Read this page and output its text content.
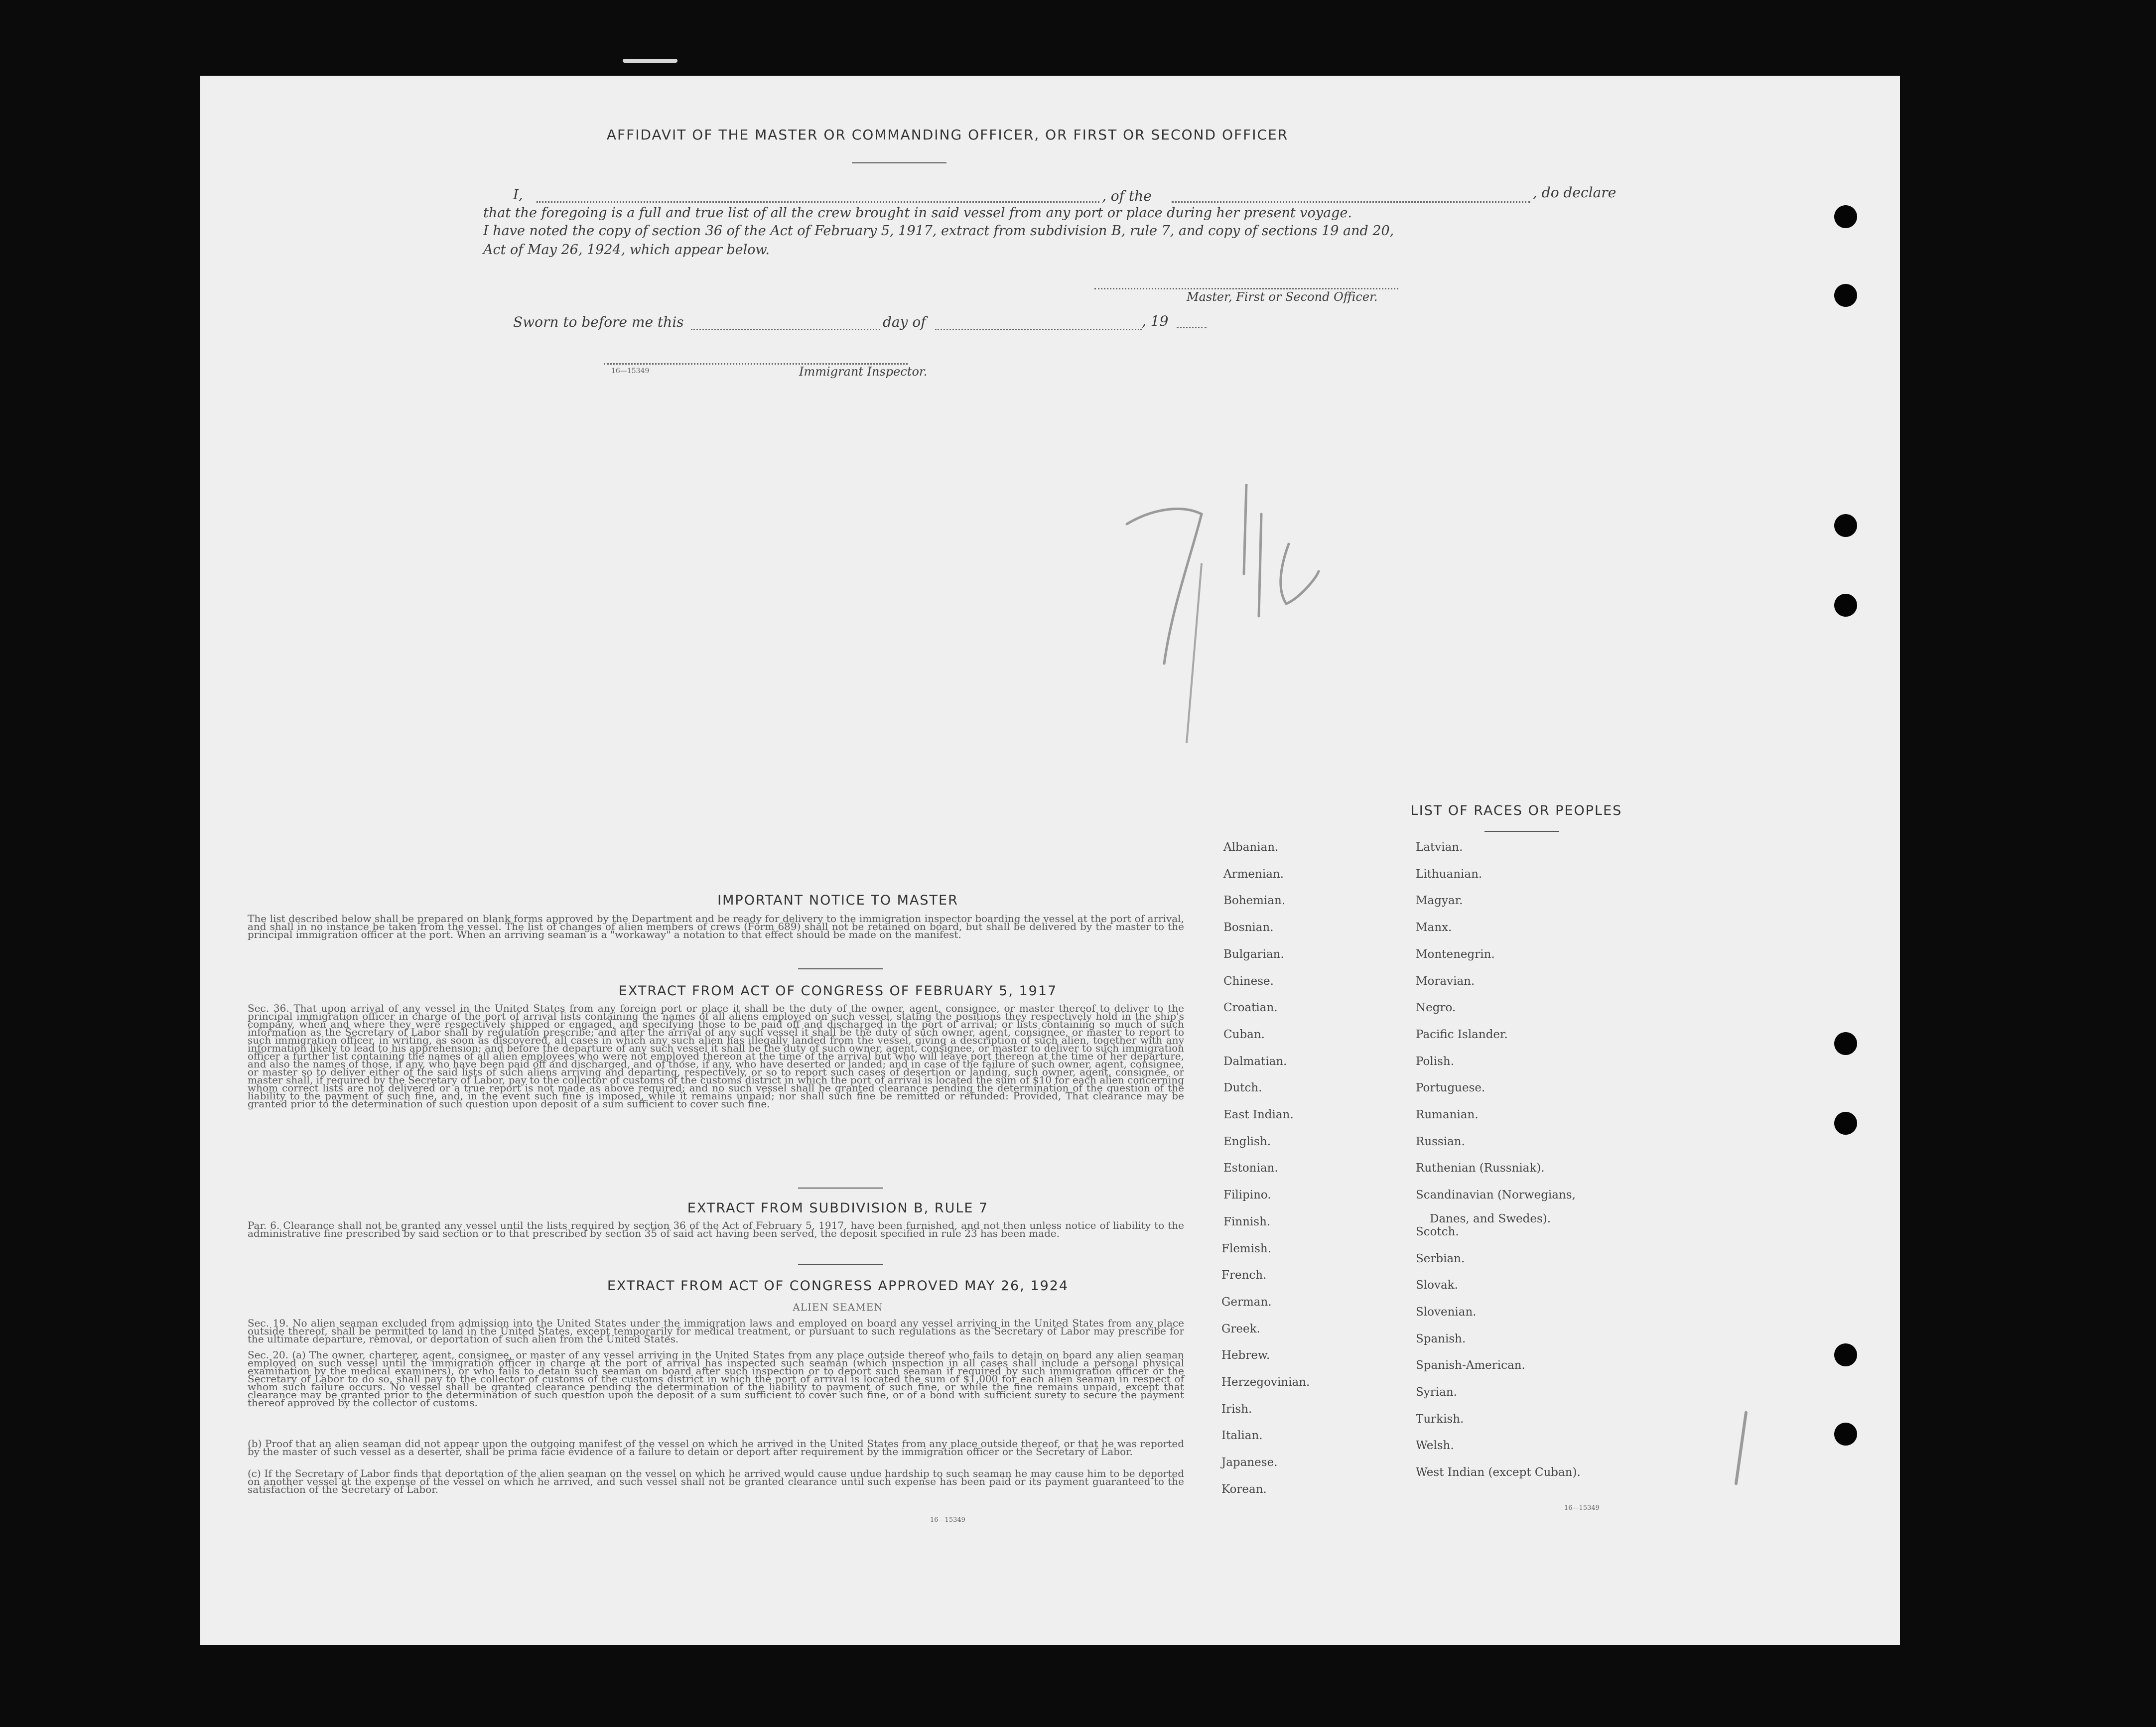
AFFIDAVIT OF THE MASTER OR COMMANDING OFFICER, OR FIRST OR SECOND OFFICER
I,	, of the	, do declare
that the foregoing is a full and true list of all the crew brought in said vessel from any port or place during her present voyage.
I have noted the copy of section 36 of the Act of February 5, 1917, extract from subdivision B, rule 7, and copy of sections 19 and 20,
Act of May 26, 1924, which appear below.
Master, First or Second Officer.
Sworn to before me this	day of	, 19
16—15349	Immigrant Inspector.
IMPORTANT NOTICE TO MASTER
The list described below shall be prepared on blank forms approved by the Department and be ready for delivery to the immigration inspector boarding the vessel at the port of arrival, and shall in no instance be taken from the vessel. The list of changes of alien members of crews (Form 689) shall not be retained on board, but shall be delivered by the master to the principal immigration officer at the port. When an arriving seaman is a "workaway" a notation to that effect should be made on the manifest.
EXTRACT FROM ACT OF CONGRESS OF FEBRUARY 5, 1917
Sec. 36. That upon arrival of any vessel in the United States from any foreign port or place it shall be the duty of the owner, agent, consignee, or master thereof to deliver to the principal immigration officer in charge of the port of arrival lists containing the names of all aliens employed on such vessel, stating the positions they respectively hold in the ship's company, when and where they were respectively shipped or engaged, and specifying those to be paid off and discharged in the port of arrival; or lists containing so much of such information as the Secretary of Labor shall by regulation prescribe; and after the arrival of any such vessel it shall be the duty of such owner, agent, consignee, or master to report to such immigration officer, in writing, as soon as discovered, all cases in which any such alien has illegally landed from the vessel, giving a description of such alien, together with any information likely to lead to his apprehension; and before the departure of any such vessel it shall be the duty of such owner, agent, consignee, or master to deliver to such immigration officer a further list containing the names of all alien employees who were not employed thereon at the time of the arrival but who will leave port thereon at the time of her departure, and also the names of those, if any, who have been paid off and discharged, and of those, if any, who have deserted or landed; and in case of the failure of such owner, agent, consignee, or master so to deliver either of the said lists of such aliens arriving and departing, respectively, or so to report such cases of desertion or landing, such owner, agent, consignee, or master shall, if required by the Secretary of Labor, pay to the collector of customs of the customs district in which the port of arrival is located the sum of $10 for each alien concerning whom correct lists are not delivered or a true report is not made as above required; and no such vessel shall be granted clearance pending the determination of the question of the liability to the payment of such fine, and, in the event such fine is imposed, while it remains unpaid; nor shall such fine be remitted or refunded: Provided, That clearance may be granted prior to the determination of such question upon deposit of a sum sufficient to cover such fine.
EXTRACT FROM SUBDIVISION B, RULE 7
Par. 6. Clearance shall not be granted any vessel until the lists required by section 36 of the Act of February 5, 1917, have been furnished, and not then unless notice of liability to the administrative fine prescribed by said section or to that prescribed by section 35 of said act having been served, the deposit specified in rule 23 has been made.
EXTRACT FROM ACT OF CONGRESS APPROVED MAY 26, 1924
ALIEN SEAMEN
Sec. 19. No alien seaman excluded from admission into the United States under the immigration laws and employed on board any vessel arriving in the United States from any place outside thereof, shall be permitted to land in the United States, except temporarily for medical treatment, or pursuant to such regulations as the Secretary of Labor may prescribe for the ultimate departure, removal, or deportation of such alien from the United States.
Sec. 20. (a) The owner, charterer, agent, consignee, or master of any vessel arriving in the United States from any place outside thereof who fails to detain on board any alien seaman employed on such vessel until the immigration officer in charge at the port of arrival has inspected such seaman (which inspection in all cases shall include a personal physical examination by the medical examiners), or who fails to detain such seaman on board after such inspection or to deport such seaman if required by such immigration officer or the Secretary of Labor to do so, shall pay to the collector of customs of the customs district in which the port of arrival is located the sum of $1,000 for each alien seaman in respect of whom such failure occurs. No vessel shall be granted clearance pending the determination of the liability to payment of such fine, or while the fine remains unpaid, except that clearance may be granted prior to the determination of such question upon the deposit of a sum sufficient to cover such fine, or of a bond with sufficient surety to secure the payment thereof approved by the collector of customs.
(b) Proof that an alien seaman did not appear upon the outgoing manifest of the vessel on which he arrived in the United States from any place outside thereof, or that he was reported by the master of such vessel as a deserter, shall be prima facie evidence of a failure to detain or deport after requirement by the immigration officer or the Secretary of Labor.
(c) If the Secretary of Labor finds that deportation of the alien seaman on the vessel on which he arrived would cause undue hardship to such seaman he may cause him to be deported on another vessel at the expense of the vessel on which he arrived, and such vessel shall not be granted clearance until such expense has been paid or its payment guaranteed to the satisfaction of the Secretary of Labor.
16—15349
LIST OF RACES OR PEOPLES
Albanian.
Armenian.
Bohemian.
Bosnian.
Bulgarian.
Chinese.
Croatian.
Cuban.
Dalmatian.
Dutch.
East Indian.
English.
Estonian.
Filipino.
Finnish.
Flemish.
French.
German.
Greek.
Hebrew.
Herzegovinian.
Irish.
Italian.
Japanese.
Korean.
Latvian.
Lithuanian.
Magyar.
Manx.
Montenegrin.
Moravian.
Negro.
Pacific Islander.
Polish.
Portuguese.
Rumanian.
Russian.
Ruthenian (Russniak).
Scandinavian (Norwegians,
Scotch.
Serbian.
Slovak.
Slovenian.
Spanish.
Spanish-American.
Syrian.
Turkish.
Welsh.
West Indian (except Cuban).
Danes, and Swedes).
16—15349
